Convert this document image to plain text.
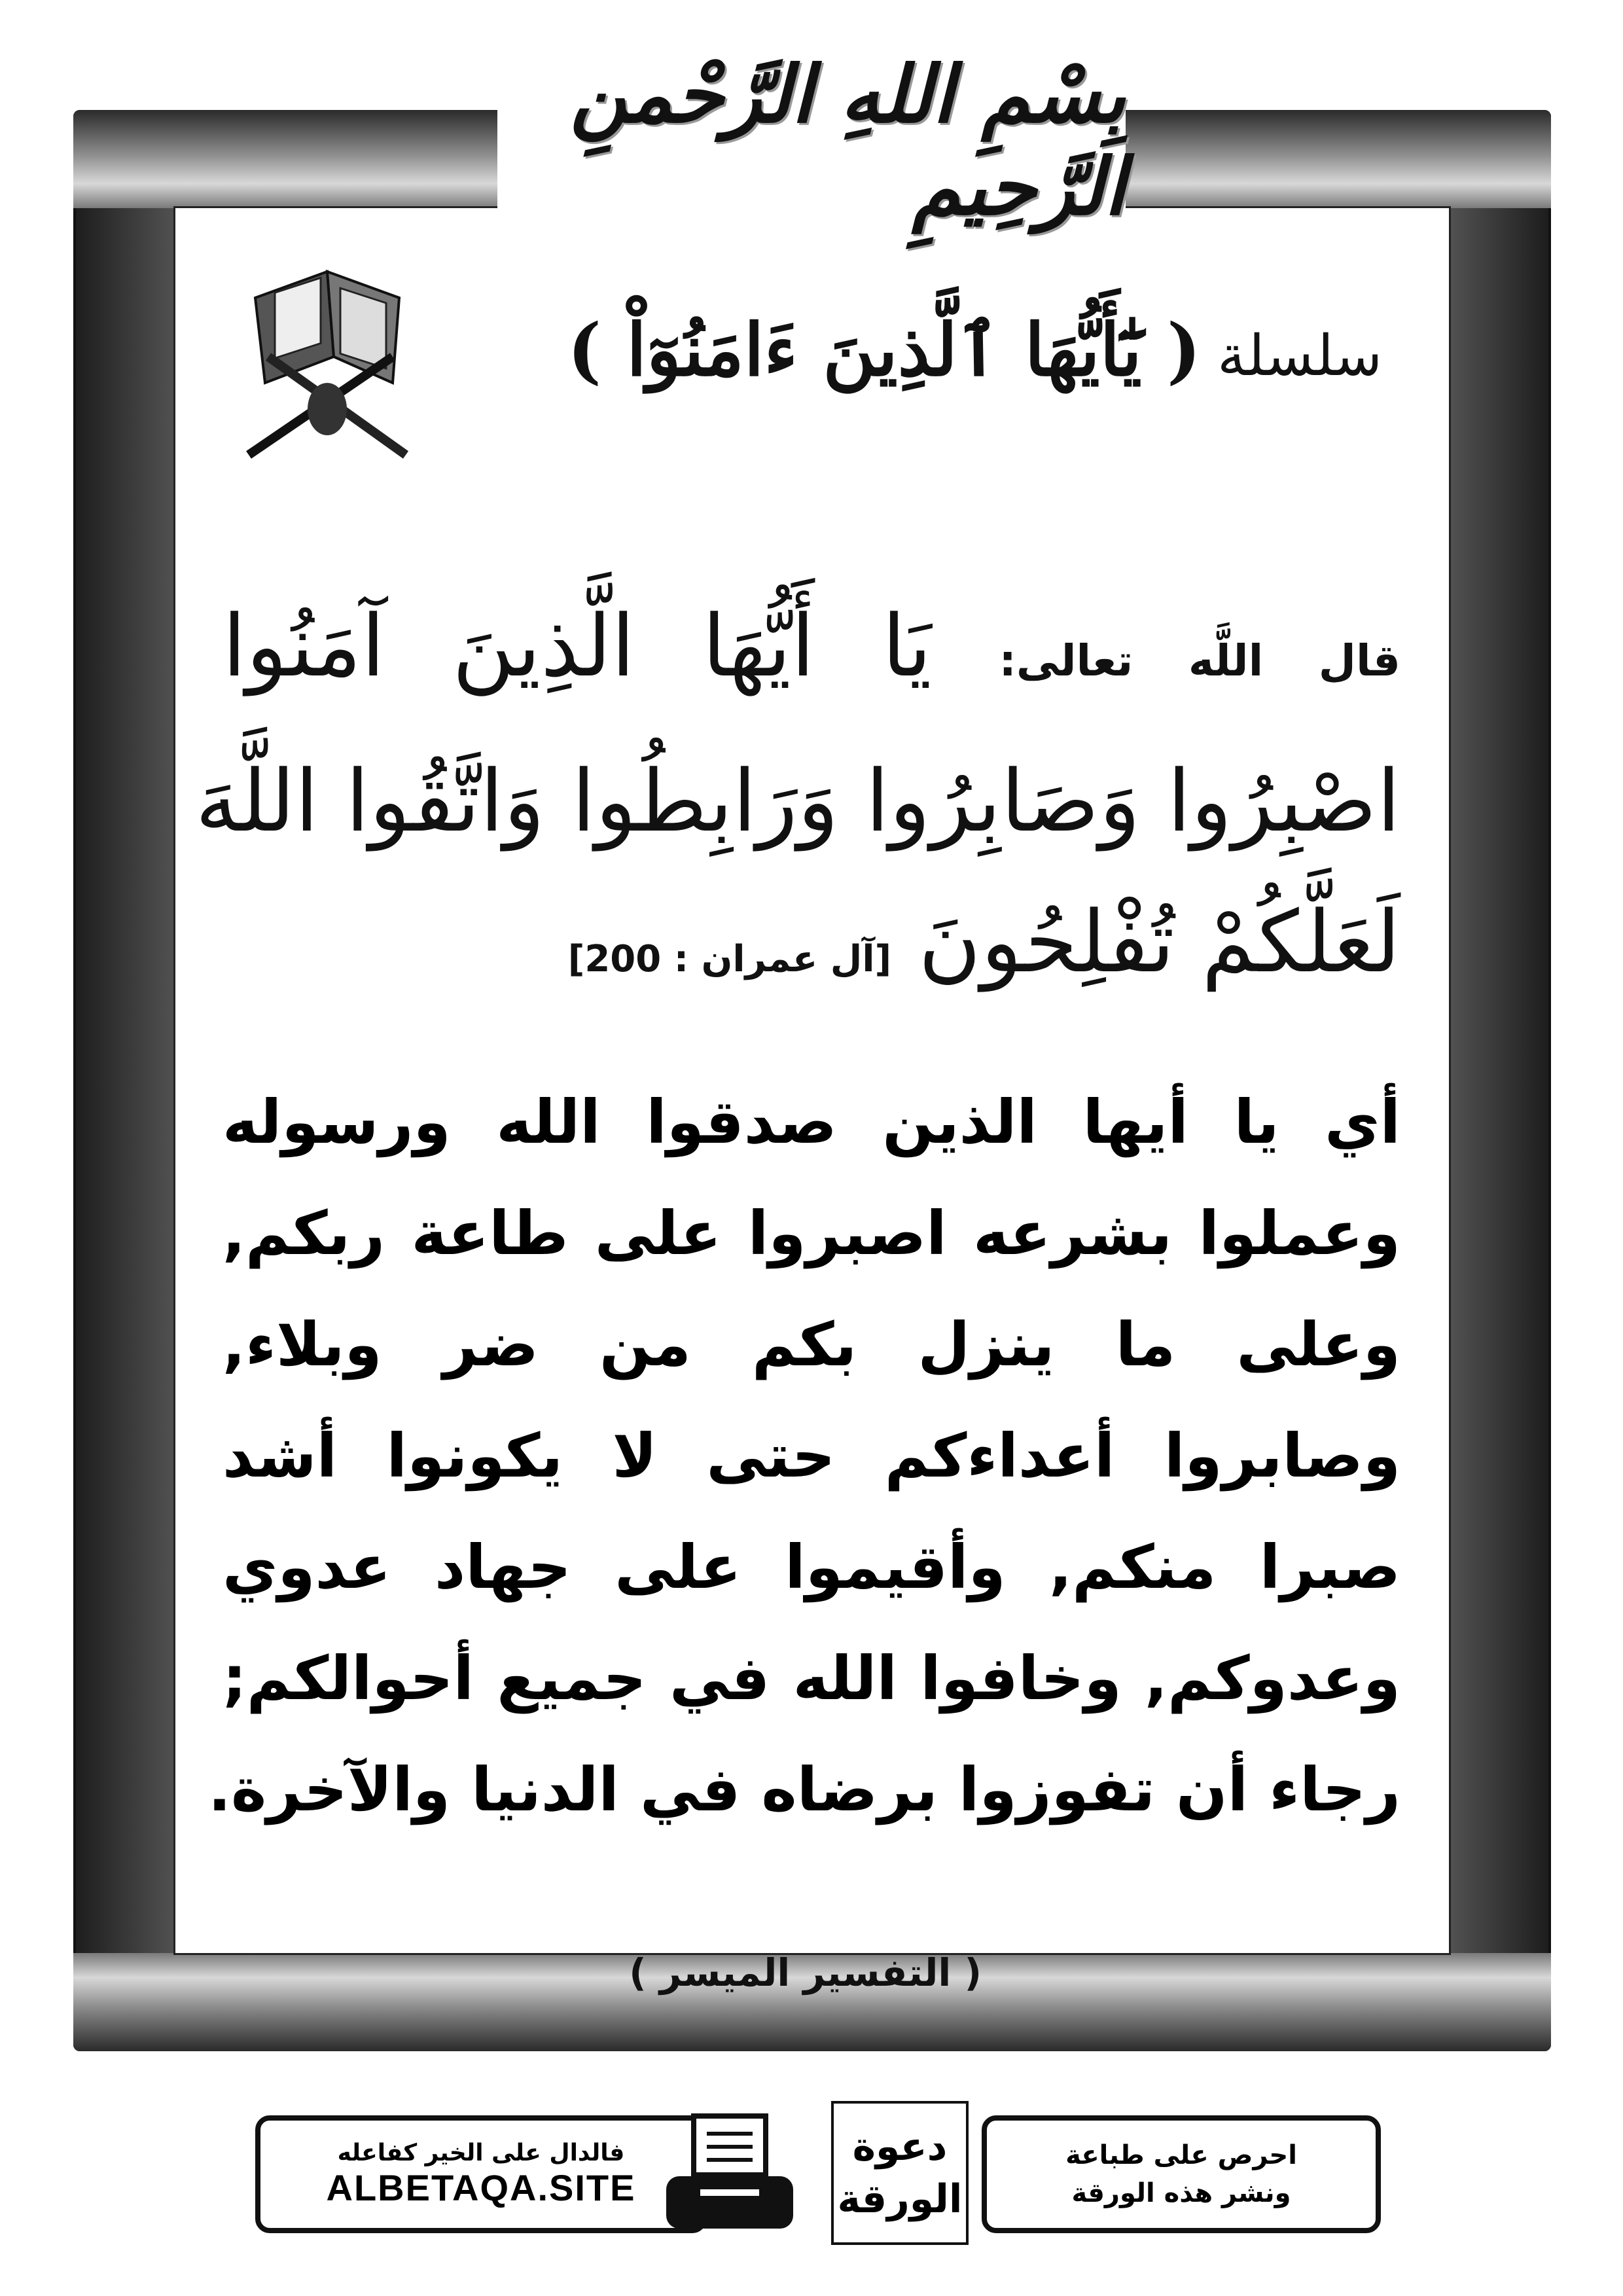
بِسْمِ اللهِ الرَّحْمنِ الرَّحِيمِ
سلسلة ( يَٰٓأَيُّهَا ٱلَّذِينَ ءَامَنُوٓاْ )
قال اللَّه تعالى: يَا أَيُّهَا الَّذِينَ آمَنُوا
اصْبِرُوا وَصَابِرُوا وَرَابِطُوا وَاتَّقُوا اللَّهَ
لَعَلَّكُمْ تُفْلِحُونَ [آل عمران : 200]
أي يا أيها الذين صدقوا الله ورسوله
وعملوا بشرعه اصبروا على طاعة ربكم,
وعلى ما ينزل بكم من ضر وبلاء,
وصابروا أعداءكم حتى لا يكونوا أشد
صبرا منكم, وأقيموا على جهاد عدوي
وعدوكم, وخافوا الله في جميع أحوالكم;
رجاء أن تفوزوا برضاه في الدنيا والآخرة.
( التفسير الميسر )
فالدال على الخير كفاعله
ALBETAQA.SITE
دعوة
الورقة
احرص على طباعة
ونشر هذه الورقة
